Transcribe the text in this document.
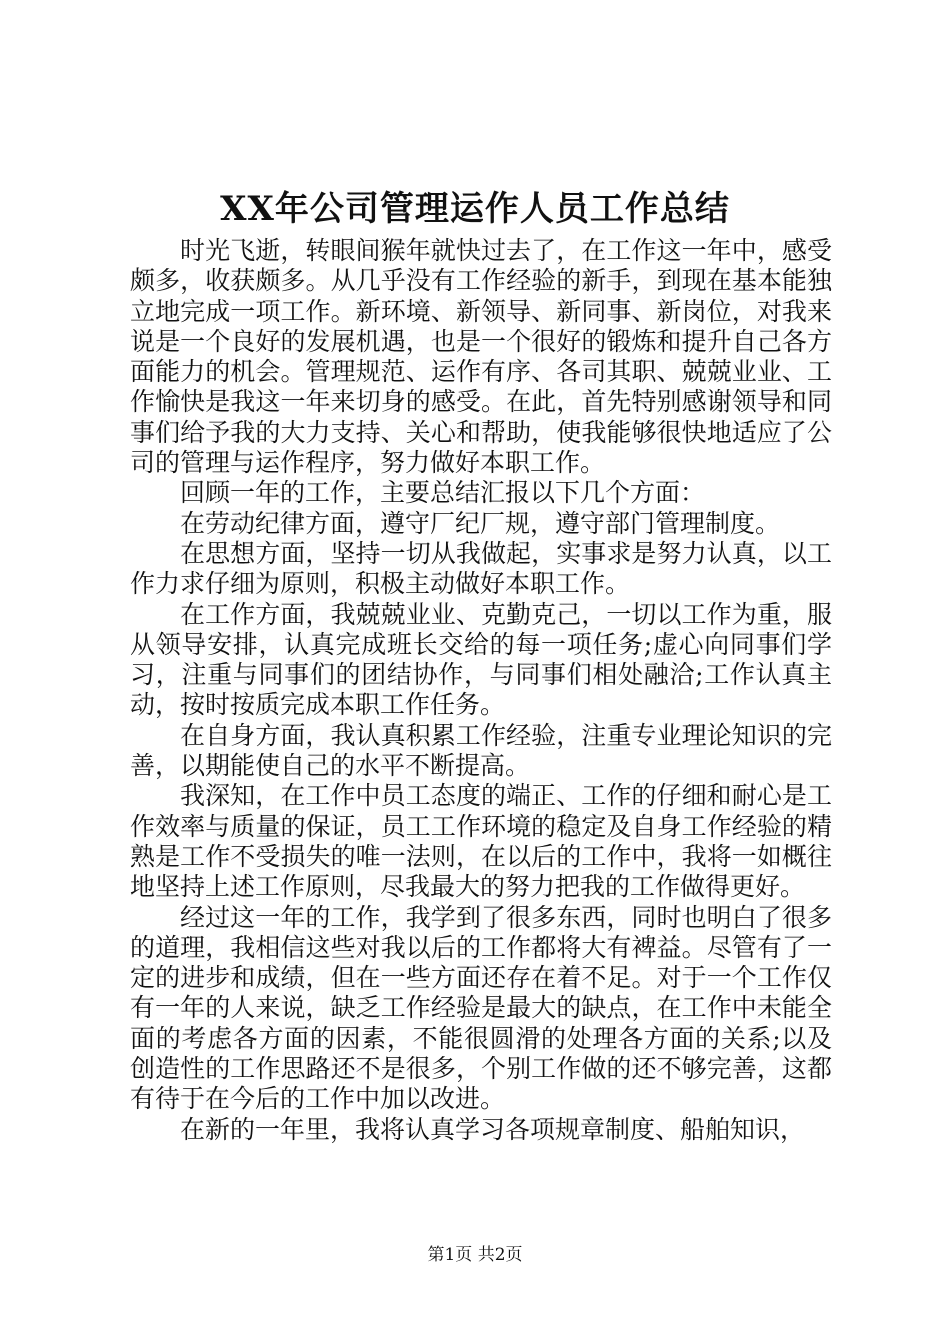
XX年公司管理运作人员工作总结

时光飞逝，转眼间猴年就快过去了，在工作这一年中，感受颇多，收获颇多。从几乎没有工作经验的新手，到现在基本能独立地完成一项工作。新环境、新领导、新同事、新岗位，对我来说是一个良好的发展机遇，也是一个很好的锻炼和提升自己各方面能力的机会。管理规范、运作有序、各司其职、兢兢业业、工作愉快是我这一年来切身的感受。在此，首先特别感谢领导和同事们给予我的大力支持、关心和帮助，使我能够很快地适应了公司的管理与运作程序，努力做好本职工作。

回顾一年的工作，主要总结汇报以下几个方面：

在劳动纪律方面，遵守厂纪厂规，遵守部门管理制度。

在思想方面，坚持一切从我做起，实事求是努力认真，以工作力求仔细为原则，积极主动做好本职工作。

在工作方面，我兢兢业业、克勤克己，一切以工作为重，服从领导安排，认真完成班长交给的每一项任务;虚心向同事们学习，注重与同事们的团结协作，与同事们相处融洽;工作认真主动，按时按质完成本职工作任务。

在自身方面，我认真积累工作经验，注重专业理论知识的完善，以期能使自己的水平不断提高。

我深知，在工作中员工态度的端正、工作的仔细和耐心是工作效率与质量的保证，员工工作环境的稳定及自身工作经验的精熟是工作不受损失的唯一法则，在以后的工作中，我将一如概往地坚持上述工作原则，尽我最大的努力把我的工作做得更好。

经过这一年的工作，我学到了很多东西，同时也明白了很多的道理，我相信这些对我以后的工作都将大有裨益。尽管有了一定的进步和成绩，但在一些方面还存在着不足。对于一个工作仅有一年的人来说，缺乏工作经验是最大的缺点，在工作中未能全面的考虑各方面的因素，不能很圆滑的处理各方面的关系;以及创造性的工作思路还不是很多，个别工作做的还不够完善，这都有待于在今后的工作中加以改进。

在新的一年里，我将认真学习各项规章制度、船舶知识，

第1页 共2页
